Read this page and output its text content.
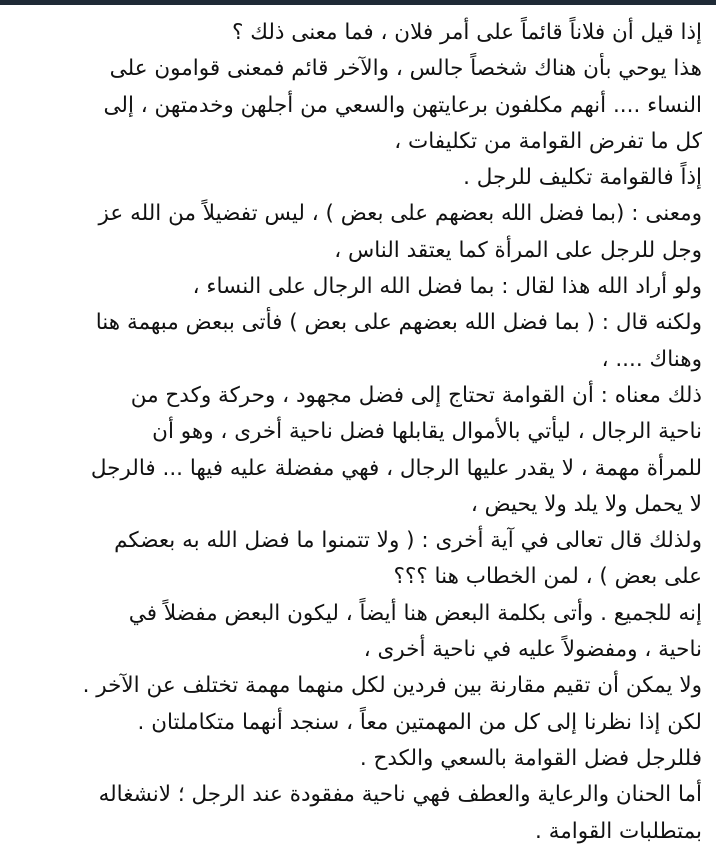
إذا قيل أن فلاناً قائماً على أمر فلان ، فما معنى ذلك ؟
هذا يوحي بأن هناك شخصاً جالس ، والآخر قائم فمعنى قوامون على
النساء .... أنهم مكلفون برعايتهن والسعي من أجلهن وخدمتهن ، إلى
كل ما تفرض القوامة من تكليفات ،
إذاً فالقوامة تكليف للرجل .
ومعنى : (بما فضل الله بعضهم على بعض ) ، ليس تفضيلاً من الله عز
وجل للرجل على المرأة كما يعتقد الناس ،
ولو أراد الله هذا لقال : بما فضل الله الرجال على النساء ،
ولكنه قال : ( بما فضل الله بعضهم على بعض ) فأتى ببعض مبهمة هنا
وهناك .... ،
ذلك معناه : أن القوامة تحتاج إلى فضل مجهود ، وحركة وكدح من
ناحية الرجال ، ليأتي بالأموال يقابلها فضل ناحية أخرى ، وهو أن
للمرأة مهمة ، لا يقدر عليها الرجال ، فهي مفضلة عليه فيها ... فالرجل
لا يحمل ولا يلد ولا يحيض ،
ولذلك قال تعالى في آية أخرى : ( ولا تتمنوا ما فضل الله به بعضكم
على بعض ) ، لمن الخطاب هنا ؟؟؟
إنه للجميع . وأتى بكلمة البعض هنا أيضاً ، ليكون البعض مفضلاً في
ناحية ، ومفضولاً عليه في ناحية أخرى ،
ولا يمكن أن تقيم مقارنة بين فردين لكل منهما مهمة تختلف عن الآخر .
لكن إذا نظرنا إلى كل من المهمتين معاً ، سنجد أنهما متكاملتان .
فللرجل فضل القوامة بالسعي والكدح .
أما الحنان والرعاية والعطف فهي ناحية مفقودة عند الرجل ؛ لانشغاله
بمتطلبات القوامة .
